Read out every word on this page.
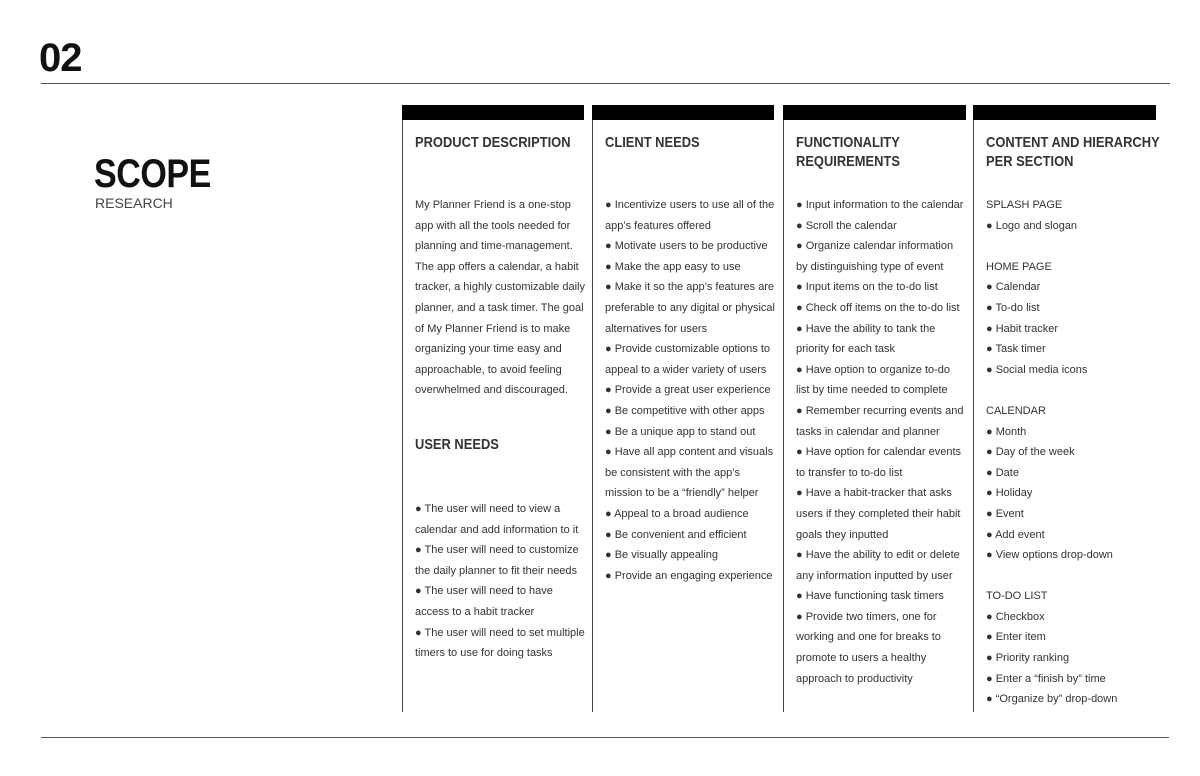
02
SCOPE
RESEARCH
PRODUCT DESCRIPTION
My Planner Friend is a one-stop
app with all the tools needed for
planning and time-management.
The app offers a calendar, a habit
tracker, a highly customizable daily
planner, and a task timer. The goal
of My Planner Friend is to make
organizing your time easy and
approachable, to avoid feeling
overwhelmed and discouraged.
USER NEEDS
● The user will need to view a
calendar and add information to it
● The user will need to customize
the daily planner to fit their needs
● The user will need to have
access to a habit tracker
● The user will need to set multiple
timers to use for doing tasks
CLIENT NEEDS
● Incentivize users to use all of the
app’s features offered
● Motivate users to be productive
● Make the app easy to use
● Make it so the app’s features are
preferable to any digital or physical
alternatives for users
● Provide customizable options to
appeal to a wider variety of users
● Provide a great user experience
● Be competitive with other apps
● Be a unique app to stand out
● Have all app content and visuals
be consistent with the app’s
mission to be a “friendly” helper
● Appeal to a broad audience
● Be convenient and efficient
● Be visually appealing
● Provide an engaging experience
FUNCTIONALITY
REQUIREMENTS
● Input information to the calendar
● Scroll the calendar
● Organize calendar information
by distinguishing type of event
● Input items on the to-do list
● Check off items on the to-do list
● Have the ability to tank the
priority for each task
● Have option to organize to-do
list by time needed to complete
● Remember recurring events and
tasks in calendar and planner
● Have option for calendar events
to transfer to to-do list
● Have a habit-tracker that asks
users if they completed their habit
goals they inputted
● Have the ability to edit or delete
any information inputted by user
● Have functioning task timers
● Provide two timers, one for
working and one for breaks to
promote to users a healthy
approach to productivity
CONTENT AND HIERARCHY
PER SECTION
SPLASH PAGE
● Logo and slogan
HOME PAGE
● Calendar
● To-do list
● Habit tracker
● Task timer
● Social media icons
CALENDAR
● Month
● Day of the week
● Date
● Holiday
● Event
● Add event
● View options drop-down
TO-DO LIST
● Checkbox
● Enter item
● Priority ranking
● Enter a “finish by” time
● “Organize by” drop-down
